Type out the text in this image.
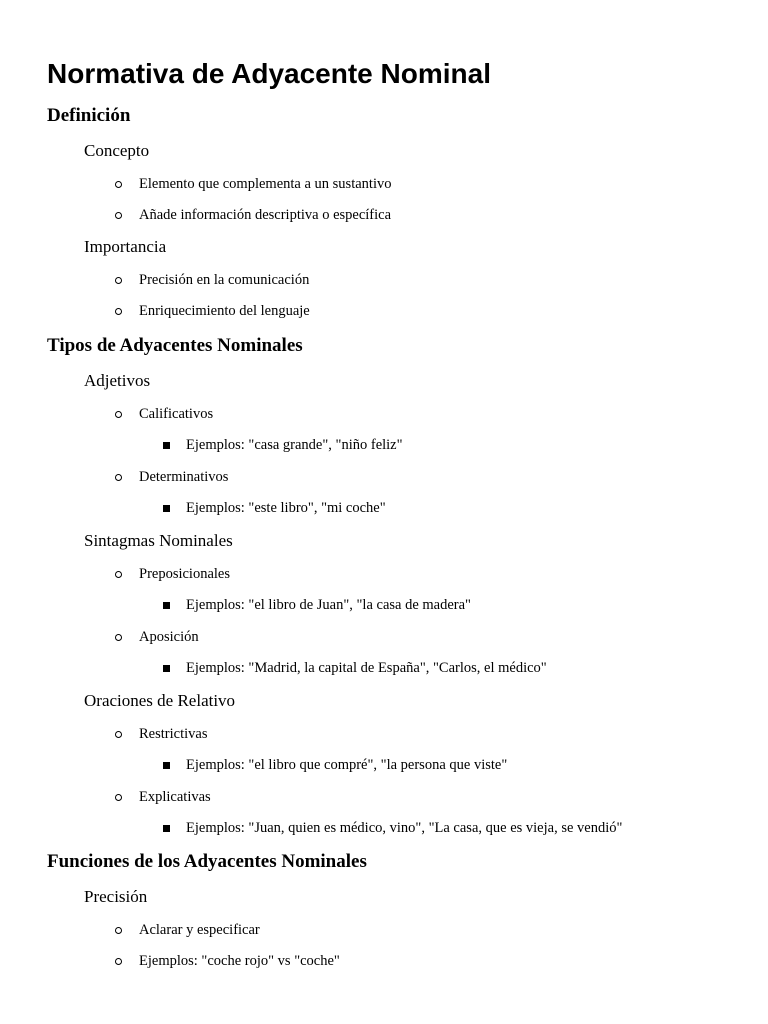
Normativa de Adyacente Nominal
Definición
Concepto

Elemento que complementa a un sustantivo

Añade información descriptiva o específica

Importancia

Precisión en la comunicación

Enriquecimiento del lenguaje

Tipos de Adyacentes Nominales
Adjetivos

Calificativos

Ejemplos: "casa grande", "niño feliz"

Determinativos

Ejemplos: "este libro", "mi coche"

Sintagmas Nominales

Preposicionales

Ejemplos: "el libro de Juan", "la casa de madera"

Aposición

Ejemplos: "Madrid, la capital de España", "Carlos, el médico"

Oraciones de Relativo

Restrictivas

Ejemplos: "el libro que compré", "la persona que viste"

Explicativas

Ejemplos: "Juan, quien es médico, vino", "La casa, que es vieja, se vendió"

Funciones de los Adyacentes Nominales
Precisión

Aclarar y especificar

Ejemplos: "coche rojo" vs "coche"
